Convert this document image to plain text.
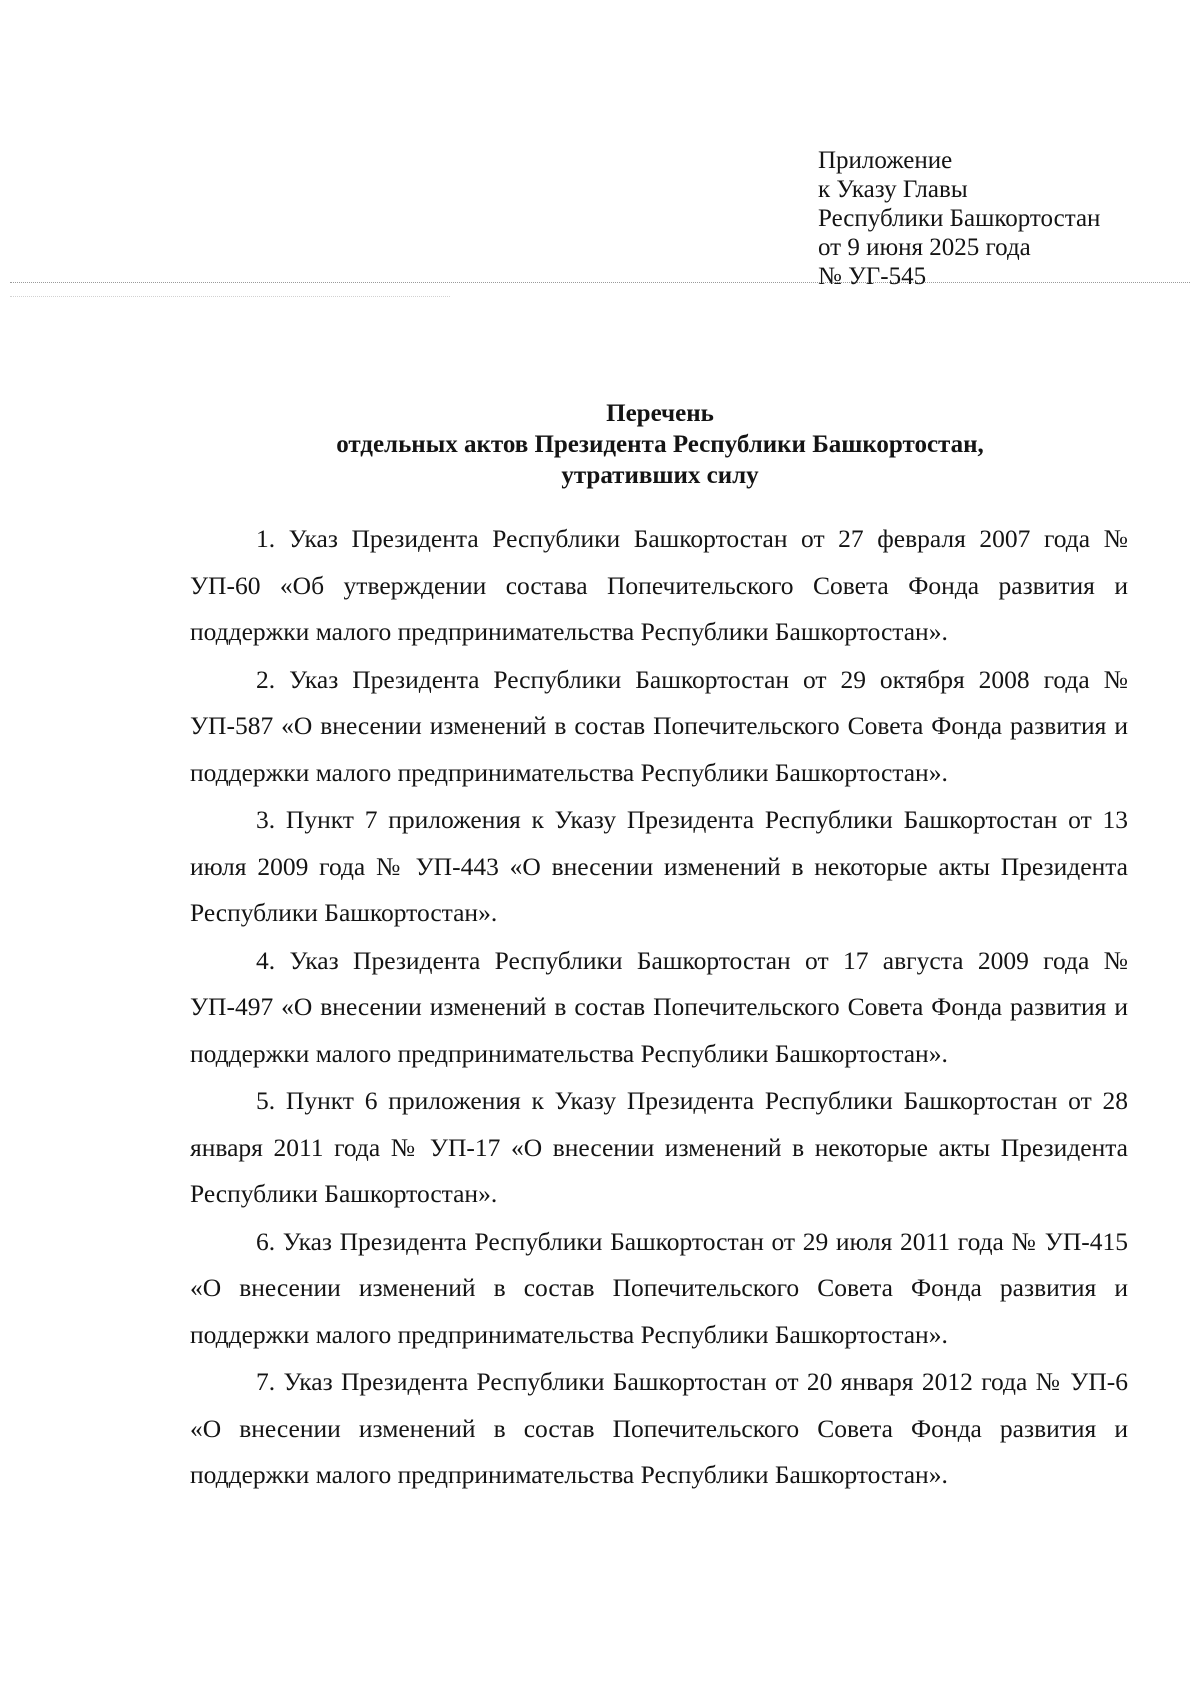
Приложение
к Указу Главы
Республики Башкортостан
от 9 июня 2025 года
№ УГ-545
Перечень
отдельных актов Президента Республики Башкортостан,
утративших силу

1. Указ Президента Республики Башкортостан от 27 февраля 2007 года № УП-60 «Об утверждении состава Попечительского Совета Фонда развития и поддержки малого предпринимательства Республики Башкортостан».

2. Указ Президента Республики Башкортостан от 29 октября 2008 года № УП-587 «О внесении изменений в состав Попечительского Совета Фонда развития и поддержки малого предпринимательства Республики Башкортостан».

3. Пункт 7 приложения к Указу Президента Республики Башкортостан от 13 июля 2009 года № УП-443 «О внесении изменений в некоторые акты Президента Республики Башкортостан».

4. Указ Президента Республики Башкортостан от 17 августа 2009 года № УП-497 «О внесении изменений в состав Попечительского Совета Фонда развития и поддержки малого предпринимательства Республики Башкортостан».

5. Пункт 6 приложения к Указу Президента Республики Башкортостан от 28 января 2011 года № УП-17 «О внесении изменений в некоторые акты Президента Республики Башкортостан».

6. Указ Президента Республики Башкортостан от 29 июля 2011 года № УП-415 «О внесении изменений в состав Попечительского Совета Фонда развития и поддержки малого предпринимательства Республики Башкортостан».

7. Указ Президента Республики Башкортостан от 20 января 2012 года № УП-6 «О внесении изменений в состав Попечительского Совета Фонда развития и поддержки малого предпринимательства Республики Башкортостан».
